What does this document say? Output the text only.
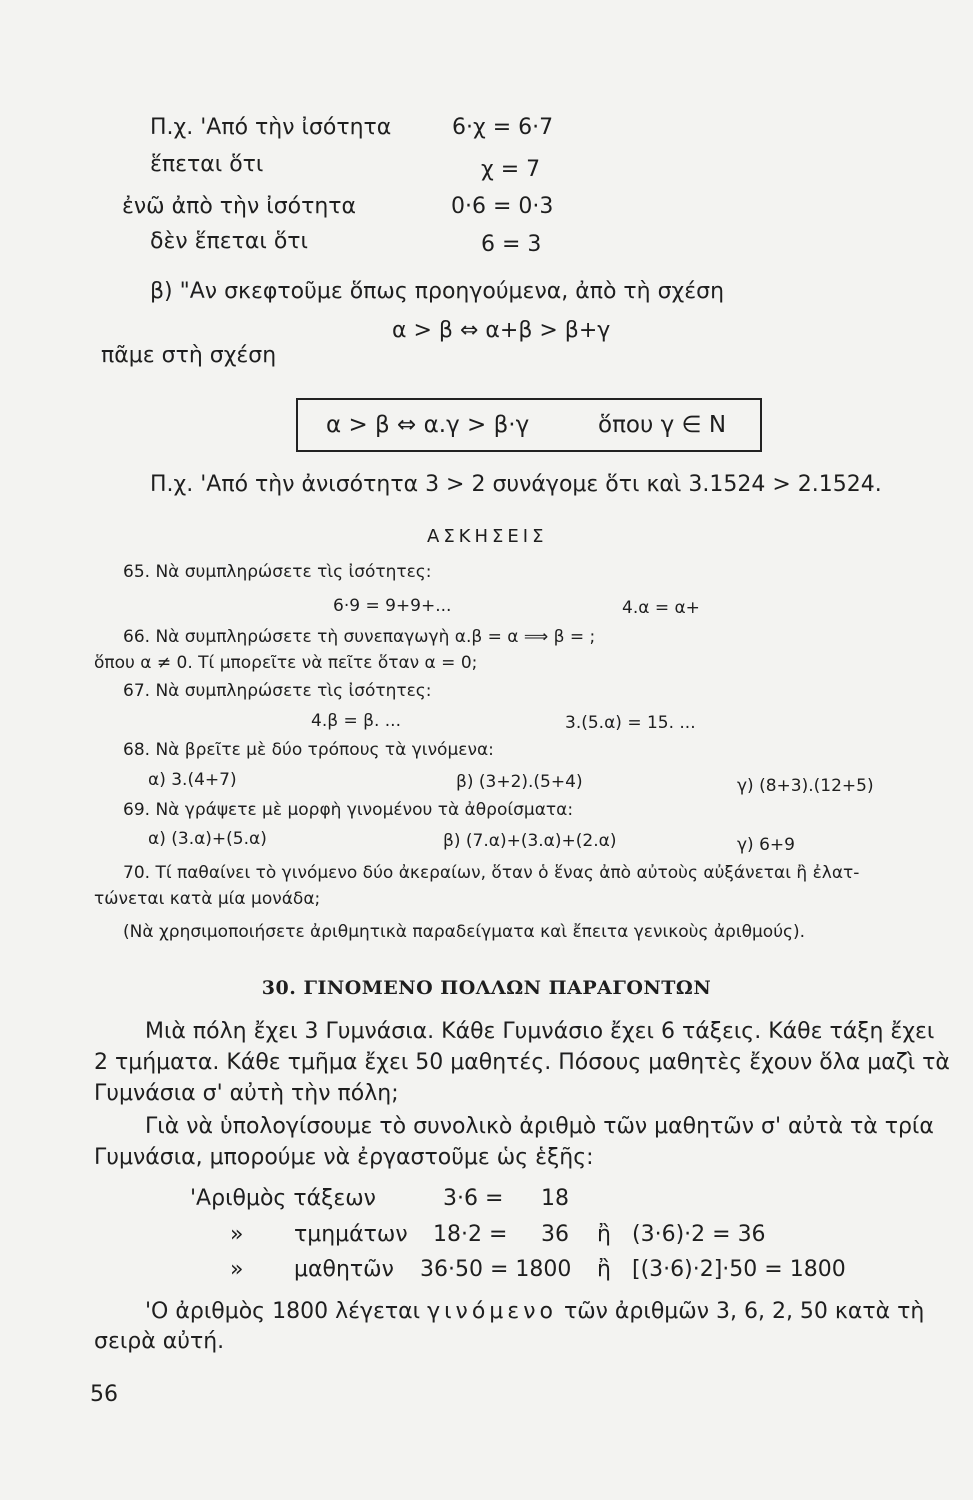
Π.χ. 'Από τὴν ἰσότητα	6·χ = 6·7
ἕπεται ὅτι	χ = 7
ἐνῶ ἀπὸ τὴν ἰσότητα	0·6 = 0·3
δὲν ἕπεται ὅτι	6 = 3
β) "Αν σκεφτοῦμε ὅπως προηγούμενα, ἀπὸ τὴ σχέση
α > β ⇔ α+β > β+γ
πᾶμε στὴ σχέση
α > β ⇔ α.γ > β·γ	ὅπου γ ∈ N
Π.χ. 'Από τὴν ἀνισότητα 3 > 2 συνάγομε ὅτι καὶ 3.1524 > 2.1524.
ΑΣΚΗΣΕΙΣ
65. Νὰ συμπληρώσετε τὶς ἰσότητες:
6·9 = 9+9+...	4.α = α+
66. Νὰ συμπληρώσετε τὴ συνεπαγωγὴ α.β = α ⟹ β = ;
ὅπου α ≠ 0. Τί μπορεῖτε νὰ πεῖτε ὅταν α = 0;
67. Νὰ συμπληρώσετε τὶς ἰσότητες:
4.β = β. ...	3.(5.α) = 15. ...
68. Νὰ βρεῖτε μὲ δύο τρόπους τὰ γινόμενα:
α) 3.(4+7)	β) (3+2).(5+4)	γ) (8+3).(12+5)
69. Νὰ γράψετε μὲ μορφὴ γινομένου τὰ ἀθροίσματα:
α) (3.α)+(5.α)	β) (7.α)+(3.α)+(2.α)	γ) 6+9
70. Τί παθαίνει τὸ γινόμενο δύο ἀκεραίων, ὅταν ὁ ἕνας ἀπὸ αὐτοὺς αὐξάνεται ἢ ἐλατ-
τώνεται κατὰ μία μονάδα;
(Νὰ χρησιμοποιήσετε ἀριθμητικὰ παραδείγματα καὶ ἔπειτα γενικοὺς ἀριθμούς).
30. ΓΙΝΟΜΕΝΟ ΠΟΛΛΩΝ ΠΑΡΑΓΟΝΤΩΝ
Μιὰ πόλη ἔχει 3 Γυμνάσια. Κάθε Γυμνάσιο ἔχει 6 τάξεις. Κάθε τάξη ἔχει
2 τμήματα. Κάθε τμῆμα ἔχει 50 μαθητές. Πόσους μαθητὲς ἔχουν ὅλα μαζὶ τὰ
Γυμνάσια σ' αὐτὴ τὴν πόλη;
Γιὰ νὰ ὑπολογίσουμε τὸ συνολικὸ ἀριθμὸ τῶν μαθητῶν σ' αὐτὰ τὰ τρία
Γυμνάσια, μπορούμε νὰ ἐργαστοῦμε ὡς ἑξῆς:
'Αριθμὸς τάξεων	3·6 = 18
» τμημάτων 18·2 = 36 ἢ (3·6)·2 = 36
» μαθητῶν 36·50 = 1800 ἢ [(3·6)·2]·50 = 1800
'Ο ἀριθμὸς 1800 λέγεται γινόμενο τῶν ἀριθμῶν 3, 6, 2, 50 κατὰ τὴ
σειρὰ αὐτή.
56
